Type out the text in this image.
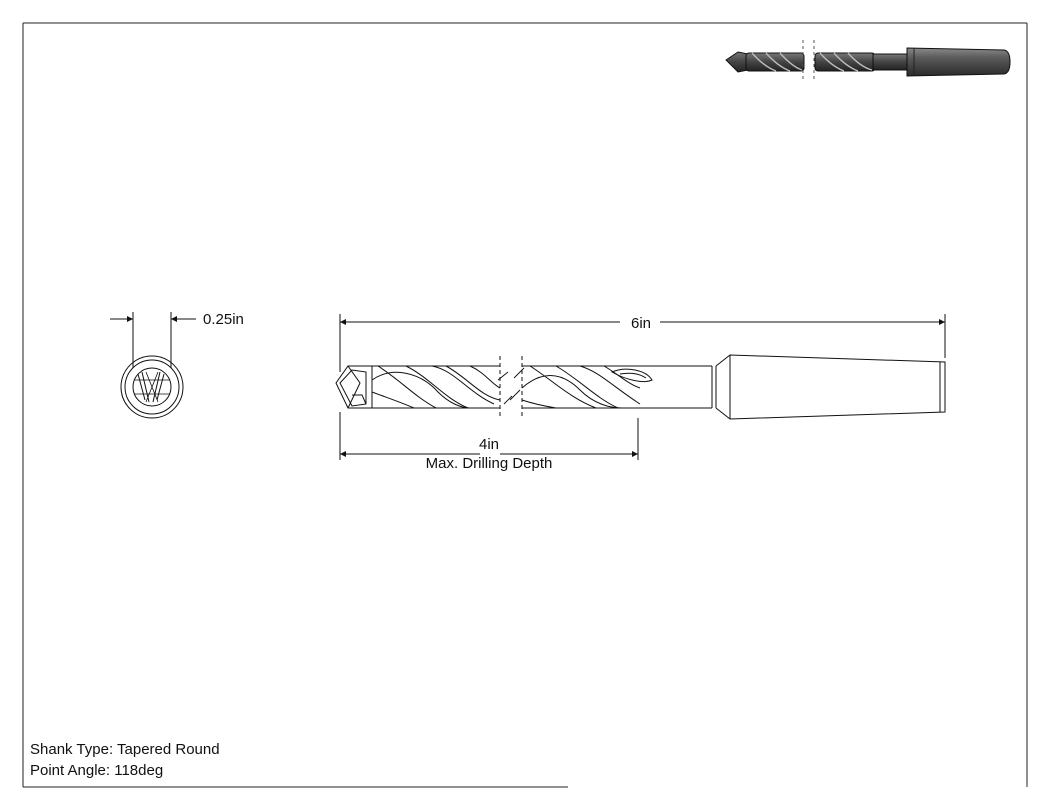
0.25in	6in
4in
Max. Drilling Depth
Shank Type: Tapered Round
Point Angle: 118deg
